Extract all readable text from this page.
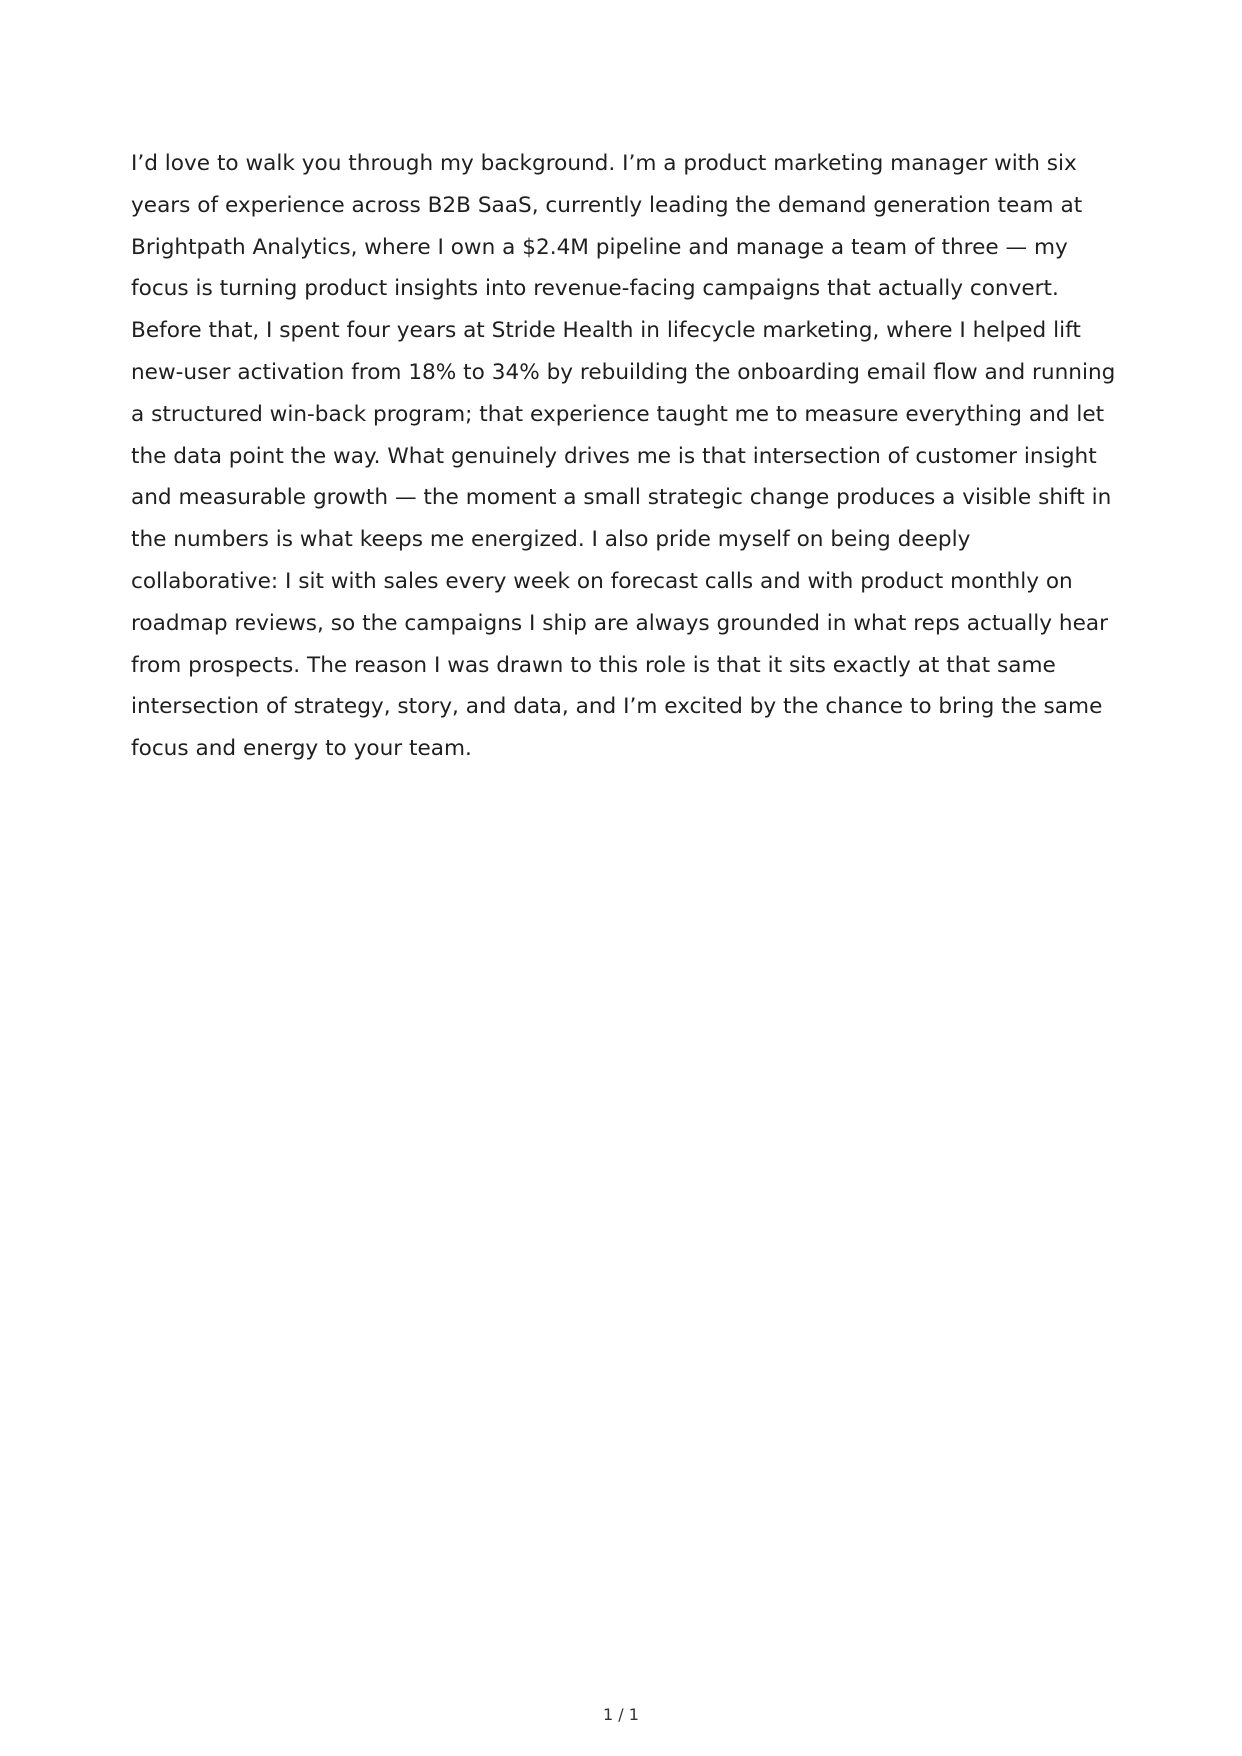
I’d love to walk you through my background. I’m a product marketing manager with six years of experience across B2B SaaS, currently leading the demand generation team at Brightpath Analytics, where I own a $2.4M pipeline and manage a team of three — my focus is turning product insights into revenue-facing campaigns that actually convert. Before that, I spent four years at Stride Health in lifecycle marketing, where I helped lift new-user activation from 18% to 34% by rebuilding the onboarding email flow and running a structured win-back program; that experience taught me to measure everything and let the data point the way. What genuinely drives me is that intersection of customer insight and measurable growth — the moment a small strategic change produces a visible shift in the numbers is what keeps me energized. I also pride myself on being deeply collaborative: I sit with sales every week on forecast calls and with product monthly on roadmap reviews, so the campaigns I ship are always grounded in what reps actually hear from prospects. The reason I was drawn to this role is that it sits exactly at that same intersection of strategy, story, and data, and I’m excited by the chance to bring the same focus and energy to your team.

1 / 1
